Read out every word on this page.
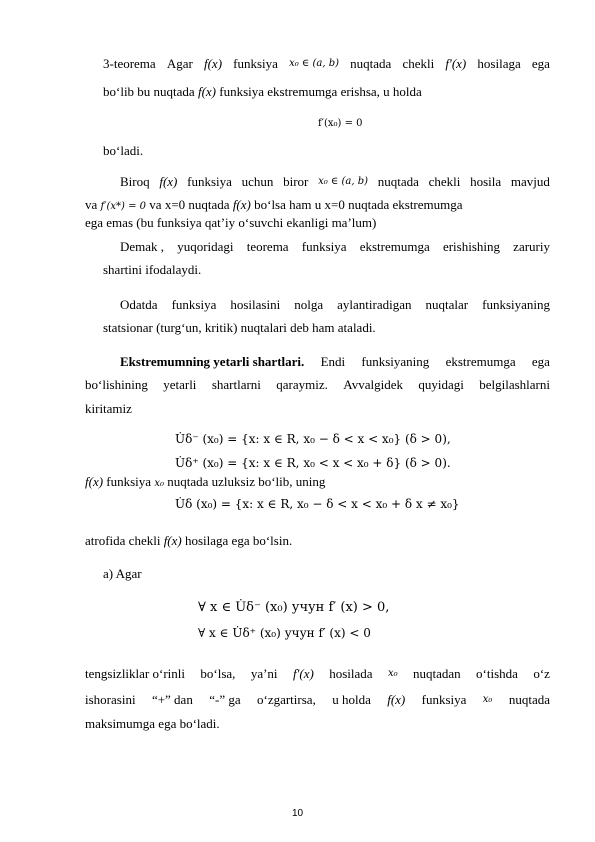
3-teorema Agar f(x) funksiya x₀ ∈ (a, b) nuqtada chekli f′(x) hosilaga ega
bo‘lib bu nuqtada f(x) funksiya ekstremumga erishsa, u holda
f′(x₀) = 0
bo‘ladi.
Biroq f(x) funksiya uchun biror x₀ ∈ (a, b) nuqtada chekli hosila mavjud
va f′(x*) = 0 va x=0 nuqtada f(x) bo‘lsa ham u x=0 nuqtada ekstremumga
ega emas (bu funksiya qat’iy o‘suvchi ekanligi ma’lum)
Demak , yuqoridagi teorema funksiya ekstremumga erishishing zaruriy
shartini ifodalaydi.
Odatda funksiya hosilasini nolga aylantiradigan nuqtalar funksiyaning
statsionar (turg‘un, kritik) nuqtalari deb ham ataladi.
Ekstremumning yetarli shartlari. Endi funksiyaning ekstremumga ega
bo‘lishining yetarli shartlarni qaraymiz. Avvalgidek quyidagi belgilashlarni
kiritamiz
U̇δ⁻ (x₀) = {x: x ∈ R, x₀ − δ < x < x₀} (δ > 0),
U̇δ⁺ (x₀) = {x: x ∈ R, x₀ < x < x₀ + δ} (δ > 0).
f(x) funksiya x₀ nuqtada uzluksiz bo‘lib, uning
U̇δ (x₀) = {x: x ∈ R, x₀ − δ < x < x₀ + δ x ≠ x₀}
atrofida chekli f(x) hosilaga ega bo‘lsin.
a) Agar
∀ x ∈ U̇δ⁻ (x₀) учун f′ (x) > 0,
∀ x ∈ U̇δ⁺ (x₀) учун f′ (x) < 0
tengsizliklar o‘rinli bo‘lsa, ya’ni f′(x) hosilada x₀ nuqtadan o‘tishda o‘z
ishorasini “+” dan “-” ga o‘zgartirsa, u holda f(x) funksiya x₀ nuqtada
maksimumga ega bo‘ladi.
10
